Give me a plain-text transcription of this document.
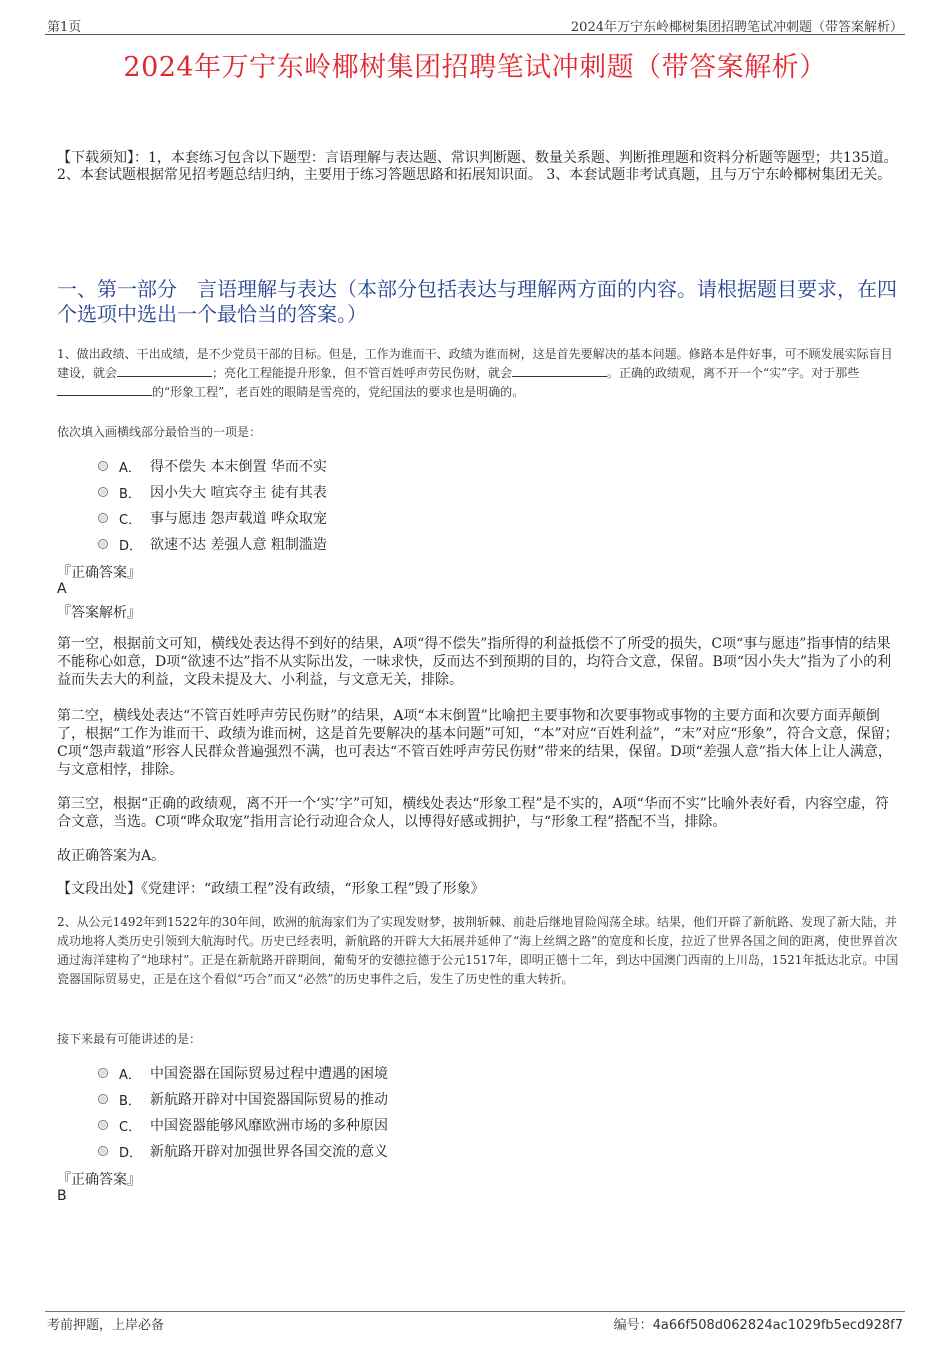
第1页	2024年万宁东岭椰树集团招聘笔试冲刺题（带答案解析）
2024年万宁东岭椰树集团招聘笔试冲刺题（带答案解析）
【下载须知】：1，本套练习包含以下题型：言语理解与表达题、常识判断题、数量关系题、判断推理题和资料分析题等题型；共135道。 2、本套试题根据常见招考题总结归纳，主要用于练习答题思路和拓展知识面。 3、本套试题非考试真题，且与万宁东岭椰树集团无关。
一、第一部分　言语理解与表达（本部分包括表达与理解两方面的内容。请根据题目要求，在四个选项中选出一个最恰当的答案。）
1、做出政绩、干出成绩，是不少党员干部的目标。但是，工作为谁而干、政绩为谁而树，这是首先要解决的基本问题。修路本是件好事，可不顾发展实际盲目建设，就会	；亮化工程能提升形象，但不管百姓呼声劳民伤财，就会	。正确的政绩观，离不开一个“实”字。对于那些的“形象工程”，老百姓的眼睛是雪亮的，党纪国法的要求也是明确的。
依次填入画横线部分最恰当的一项是：
A． 得不偿失 本末倒置 华而不实
B． 因小失大 喧宾夺主 徒有其表
C． 事与愿违 怨声载道 哗众取宠
D． 欲速不达 差强人意 粗制滥造
『正确答案』
A
『答案解析』
第一空，根据前文可知，横线处表达得不到好的结果，A项“得不偿失”指所得的利益抵偿不了所受的损失，C项“事与愿违”指事情的结果不能称心如意，D项“欲速不达”指不从实际出发，一味求快，反而达不到预期的目的，均符合文意，保留。B项“因小失大”指为了小的利益而失去大的利益，文段未提及大、小利益，与文意无关，排除。
第二空，横线处表达“不管百姓呼声劳民伤财”的结果，A项“本末倒置”比喻把主要事物和次要事物或事物的主要方面和次要方面弄颠倒了，根据“工作为谁而干、政绩为谁而树，这是首先要解决的基本问题”可知，“本”对应“百姓利益”，“末”对应“形象”，符合文意，保留；C项“怨声载道”形容人民群众普遍强烈不满，也可表达“不管百姓呼声劳民伤财”带来的结果，保留。D项“差强人意”指大体上让人满意，与文意相悖，排除。
第三空，根据“正确的政绩观，离不开一个‘实’字”可知，横线处表达“形象工程”是不实的，A项“华而不实”比喻外表好看，内容空虚，符合文意，当选。C项“哗众取宠”指用言论行动迎合众人，以博得好感或拥护，与“形象工程”搭配不当，排除。
故正确答案为A。
【文段出处】《党建评：“政绩工程”没有政绩，“形象工程”毁了形象》
2、从公元1492年到1522年的30年间，欧洲的航海家们为了实现发财梦，披荆斩棘、前赴后继地冒险闯荡全球。结果，他们开辟了新航路、发现了新大陆，并成功地将人类历史引领到大航海时代。历史已经表明，新航路的开辟大大拓展并延伸了“海上丝绸之路”的宽度和长度，拉近了世界各国之间的距离，使世界首次通过海洋建构了“地球村”。正是在新航路开辟期间，葡萄牙的安德拉德于公元1517年，即明正德十二年，到达中国澳门西南的上川岛，1521年抵达北京。中国瓷器国际贸易史，正是在这个看似“巧合”而又“必然”的历史事件之后，发生了历史性的重大转折。
接下来最有可能讲述的是：
A． 中国瓷器在国际贸易过程中遭遇的困境
B． 新航路开辟对中国瓷器国际贸易的推动
C． 中国瓷器能够风靡欧洲市场的多种原因
D． 新航路开辟对加强世界各国交流的意义
『正确答案』
B
考前押题，上岸必备	编号：4a66f508d062824ac1029fb5ecd928f7
